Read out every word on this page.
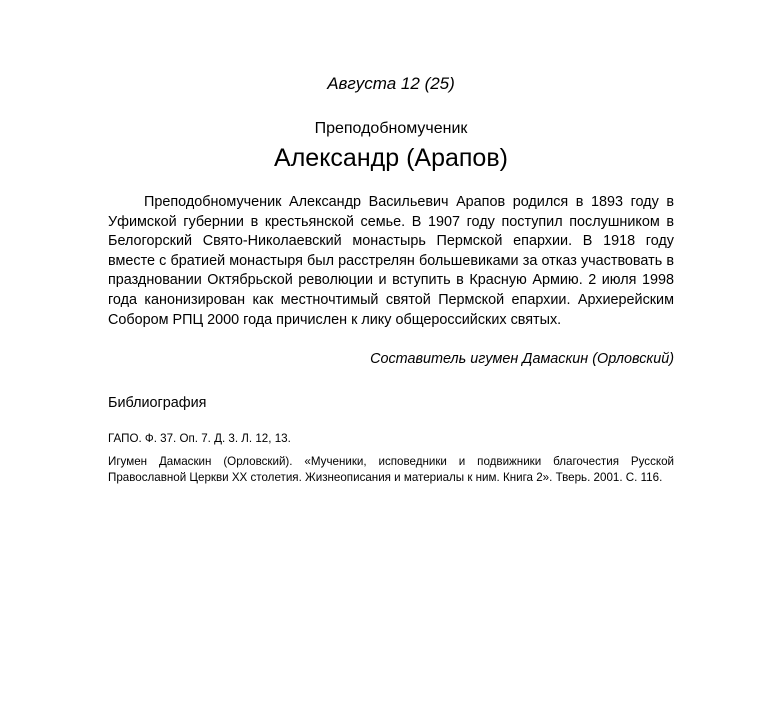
Августа 12 (25)
Преподобномученик
Александр (Арапов)

Преподобномученик Александр Васильевич Арапов родился в 1893 году в Уфимской губернии в крестьянской семье. В 1907 году поступил послушником в Белогорский Свято-Николаевский монастырь Пермской епархии. В 1918 году вместе с братией монастыря был расстрелян большевиками за отказ участвовать в праздновании Октябрьской революции и вступить в Красную Армию. 2 июля 1998 года канонизирован как местночтимый святой Пермской епархии. Архиерейским Собором РПЦ 2000 года причислен к лику общероссийских святых.

Составитель игумен Дамаскин (Орловский)
Библиография
ГАПО. Ф. 37. Оп. 7. Д. 3. Л. 12, 13.
Игумен Дамаскин (Орловский). «Мученики, исповедники и подвижники благочестия Русской Православной Церкви XX столетия. Жизнеописания и материалы к ним. Книга 2». Тверь. 2001. С. 116.
